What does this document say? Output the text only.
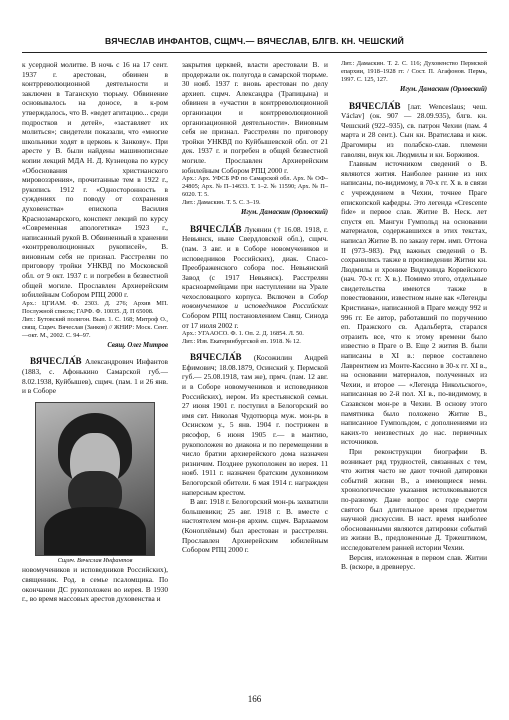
ВЯЧЕСЛАВ ИНФАНТОВ, СЩМЧ.— ВЯЧЕСЛАВ, БЛГВ. КН. ЧЕШСКИЙ

к усердной молитве. В ночь с 16 на 17 сент. 1937 г. арестован, обвинен в контрреволюционной деятельности и заключен в Таганскую тюрьму. Обвинение основывалось на доносе, в к-ром утверждалось, что В. «ведет агитацию... среди подростков и детей», «заставляет их молиться»; свидетели показали, что «многие школьники ходят в церковь к Занкову». При аресте у В. были найдены машинописные копии лекций МДА Н. Д. Кузнецова по курсу «Обоснования христианского мировоззрения», прочитанные тем в 1922 г., рукопись 1912 г. «Односторонность в суждениях по поводу от сохранения духовенства» епископа Василия Краснозамарского, конспект лекций по курсу «Современная апологетика» 1923 г., написанный рукой В. Обвиненный в хранении «контрреволюционных рукописей», В. виновным себя не признал. Расстрелян по приговору тройки УНКВД по Московской обл. от 9 окт. 1937 г. и погребен в безвестной общей могиле. Прославлен Архиерейским юбилейным Собором РПЦ 2000 г.

Арх.: ЦГИАМ. Ф. 2303. Д. 276; Архив МП. Послужной список; ГАРФ. Ф. 10035. Д. П 65008.

Лит.: Бутовский полигон. Вып. 1. С. 168; Митроф О., свящ. Сщмч. Вячеслав (Занков) // ЖНИР: Моск. Сент.—окт. М., 2002. С. 94–97.

Свящ. Олег Митров

ВЯЧЕСЛА́В Александрович Инфантов (1883, с. Афонькино Самарской губ.— 8.02.1938, Куйбышев), сщмч. (пам. 1 и 26 янв. и в Соборе

Сщмч. Вячеслав Инфантов

новомучеников и исповедников Российских), священник. Род. в семье псаломщика. По окончании ДС рукоположен во иерея. В 1930 г., во время массовых арестов духовенства и

закрытия церквей, власти арестовали В. и продержали ок. полугода в самарской тюрьме. 30 нояб. 1937 г. вновь арестован по делу архиеп. сщмч. Александра (Трапицына) и обвинен в «участии в контрреволюционной организации и контрреволюционной организационной деятельности». Виновным себя не признал. Расстрелян по приговору тройки УНКВД по Куйбышевской обл. от 21 дек. 1937 г. и погребен в общей безвестной могиле. Прославлен Архиерейским юбилейным Собором РПЦ 2000 г.

Арх.: Арх. УФСБ РФ по Самарской обл. Арх. № ОФ–24805; Арх. № П–14633. Т. 1–2. № 11590; Арх. № П–6020. Т. 5.

Лит.: Дамаскин. Т. 5. С. 3–19.

Игум. Дамаскин (Орловский)

ВЯЧЕСЛА́В Лукянин († 16.08. 1918, г. Невьянск, ныне Свердловской обл.), сщмч. (пам. 3 авг. и в Соборе новомучеников и исповедников Российских), диак. Спасо-Преображенского собора пос. Невьянский Завод (с 1917 Невьянск). Расстрелян красноармейцами при наступлении на Урале чехословацкого корпуса. Включен в Собор новомучеников и исповедников Российских Собором РПЦ постановлением Свящ. Синода от 17 июля 2002 г.

Арх.: УГААОСО. Ф. 1. Оп. 2. Д. 16854. Л. 50.

Лит.: Изв. Екатеринбургской еп. 1918. № 12.

ВЯЧЕСЛА́В (Косожилин Андрей Ефимович; 18.08.1879, Осинский у. Пермской губ.— 25.08.1918, там же), прмч. (пам. 12 авг. и в Соборе новомучеников и исповедников Российских), иером. Из крестьянской семьи. 27 июня 1901 г. поступил в Белогорский во имя свт. Николая Чудотворца муж. мон-рь в Осинском у., 5 янв. 1904 г. пострижен в рясофор, 6 июня 1905 г.— в мантию, рукоположен во диакона и по перемещении в число братии архиерейского дома назначен ризничим. Позднее рукоположен во иерея. 11 нояб. 1911 г. назначен братским духовником Белогорской обители. 6 мая 1914 г. награжден наперсным крестом.

В авг. 1918 г. Белогорский мон-рь захватили большевики; 25 авг. 1918 г. В. вместе с настоятелем мон-ря архим. сщмч. Варлаамом (Коноплёвым) был арестован и расстрелян. Прославлен Архиерейским юбилейным Собором РПЦ 2000 г.

Лит.: Дамаскин. Т. 2. С. 116; Духовенство Пермской епархии, 1918–1928 гг. / Сост. П. Агафонов. Пермь, 1997. С. 125, 127.

Игум. Дамаскин (Орловский)

ВЯЧЕСЛА́В [лат. Wenceslaus; чеш. Václav] (ок. 907 — 28.09.935), блгв. кн. Чешский (922–935), св. патрон Чехии (пам. 4 марта и 28 сент.). Сын кн. Вратислава и кнж. Драгомиры из полабско-слав. племени гаволян, внук кн. Людмилы и кн. Борживоя.

Главным источником сведений о В. являются жития. Наиболее ранние из них написаны, по-видимому, в 70-х гг. X в. в связи с учреждением в Чехии, точнее Праге епископской кафедры. Это легенда «Crescente fide» и первое слав. Житие В. Неск. лет спустя еп. Мангун Гумпольд на основании материалов, содержавшихся в этих текстах, написал Житие В. по заказу герм. имп. Оттона II (973–983). Ряд важных сведений о В. сохранились также в произведении Житии кн. Людмилы и хронике Видукинда Корвейского (нач. 70-х гг. X в.). Помимо этого, отдельные свидетельства имеются также в повествовании, известном ныне как «Легенды Кристиана», написанной в Праге между 992 и 996 гг. Ее автор, работавший по поручению еп. Пражского св. Адальберта, старался отразить все, что к этому времени было известно в Праге о В. Еще 2 жития В. были написаны в XI в.: первое составлено Лаврентием из Монте-Кассино в 30-х гг. XI в., на основании материалов, полученных из Чехии, и второе — «Легенда Никольского», написанная во 2-й пол. XI в., по-видимому, в Сазавском мон-ре в Чехии. В основу этого памятника было положено Житие В., написанное Гумпольдом, с дополнениями из каких-то неизвестных до нас. первичных источников.

При реконструкции биографии В. возникает ряд трудностей, связанных с тем, что жития часто не дают точной датировки событий жизни В., а имеющиеся немн. хронологические указания истолковываются по-разному. Даже вопрос о годе смерти святого был длительное время предметом научной дискуссии. В наст. время наиболее обоснованными являются датировки событий из жизни В., предложенные Д. Тржештиком, исследователем ранней истории Чехии.

Версия, изложенная в первом слав. Житии В. (вскоре, в древнерус.

166
